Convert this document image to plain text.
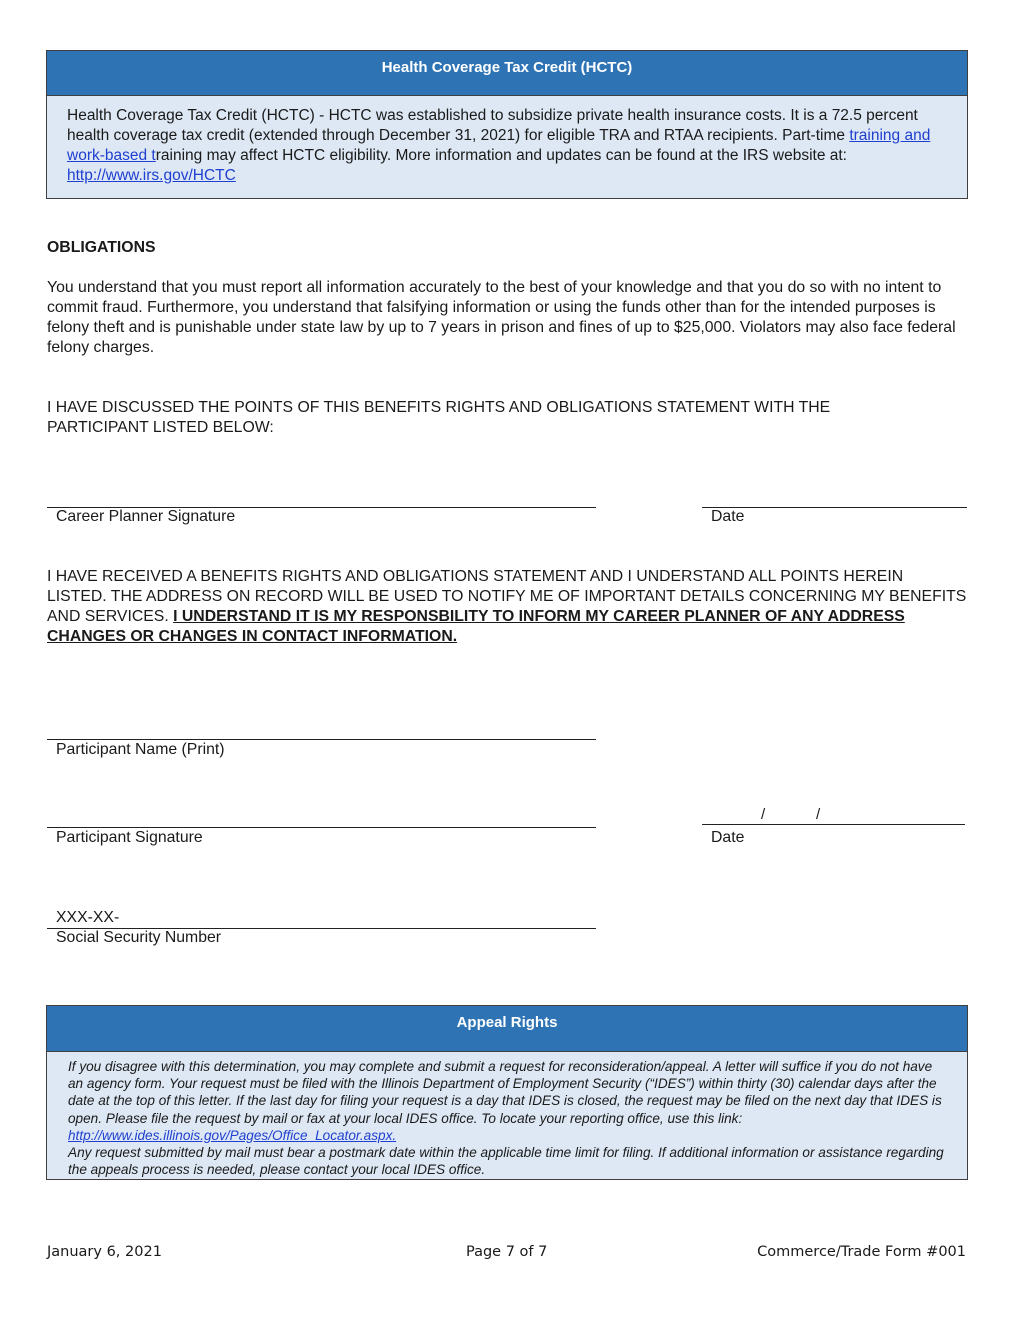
Health Coverage Tax Credit (HCTC)
Health Coverage Tax Credit (HCTC) - HCTC was established to subsidize private health insurance costs. It is a 72.5 percent health coverage tax credit (extended through December 31, 2021) for eligible TRA and RTAA recipients. Part-time training and work-based training may affect HCTC eligibility. More information and updates can be found at the IRS website at: http://www.irs.gov/HCTC
OBLIGATIONS
You understand that you must report all information accurately to the best of your knowledge and that you do so with no intent to commit fraud. Furthermore, you understand that falsifying information or using the funds other than for the intended purposes is felony theft and is punishable under state law by up to 7 years in prison and fines of up to $25,000. Violators may also face federal felony charges.
I HAVE DISCUSSED THE POINTS OF THIS BENEFITS RIGHTS AND OBLIGATIONS STATEMENT WITH THE PARTICIPANT LISTED BELOW:
Career Planner Signature	Date
I HAVE RECEIVED A BENEFITS RIGHTS AND OBLIGATIONS STATEMENT AND I UNDERSTAND ALL POINTS HEREIN LISTED. THE ADDRESS ON RECORD WILL BE USED TO NOTIFY ME OF IMPORTANT DETAILS CONCERNING MY BENEFITS AND SERVICES. I UNDERSTAND IT IS MY RESPONSBILITY TO INFORM MY CAREER PLANNER OF ANY ADDRESS CHANGES OR CHANGES IN CONTACT INFORMATION.
Participant Name (Print)
Participant Signature
/	/
Date
XXX-XX-
Social Security Number
Appeal Rights
If you disagree with this determination, you may complete and submit a request for reconsideration/appeal. A letter will suffice if you do not have an agency form. Your request must be filed with the Illinois Department of Employment Security (“IDES”) within thirty (30) calendar days after the date at the top of this letter. If the last day for filing your request is a day that IDES is closed, the request may be filed on the next day that IDES is open. Please file the request by mail or fax at your local IDES office. To locate your reporting office, use this link: http://www.ides.illinois.gov/Pages/Office_Locator.aspx.
Any request submitted by mail must bear a postmark date within the applicable time limit for filing. If additional information or assistance regarding the appeals process is needed, please contact your local IDES office.
January 6, 2021	Page 7 of 7	Commerce/Trade Form #001
